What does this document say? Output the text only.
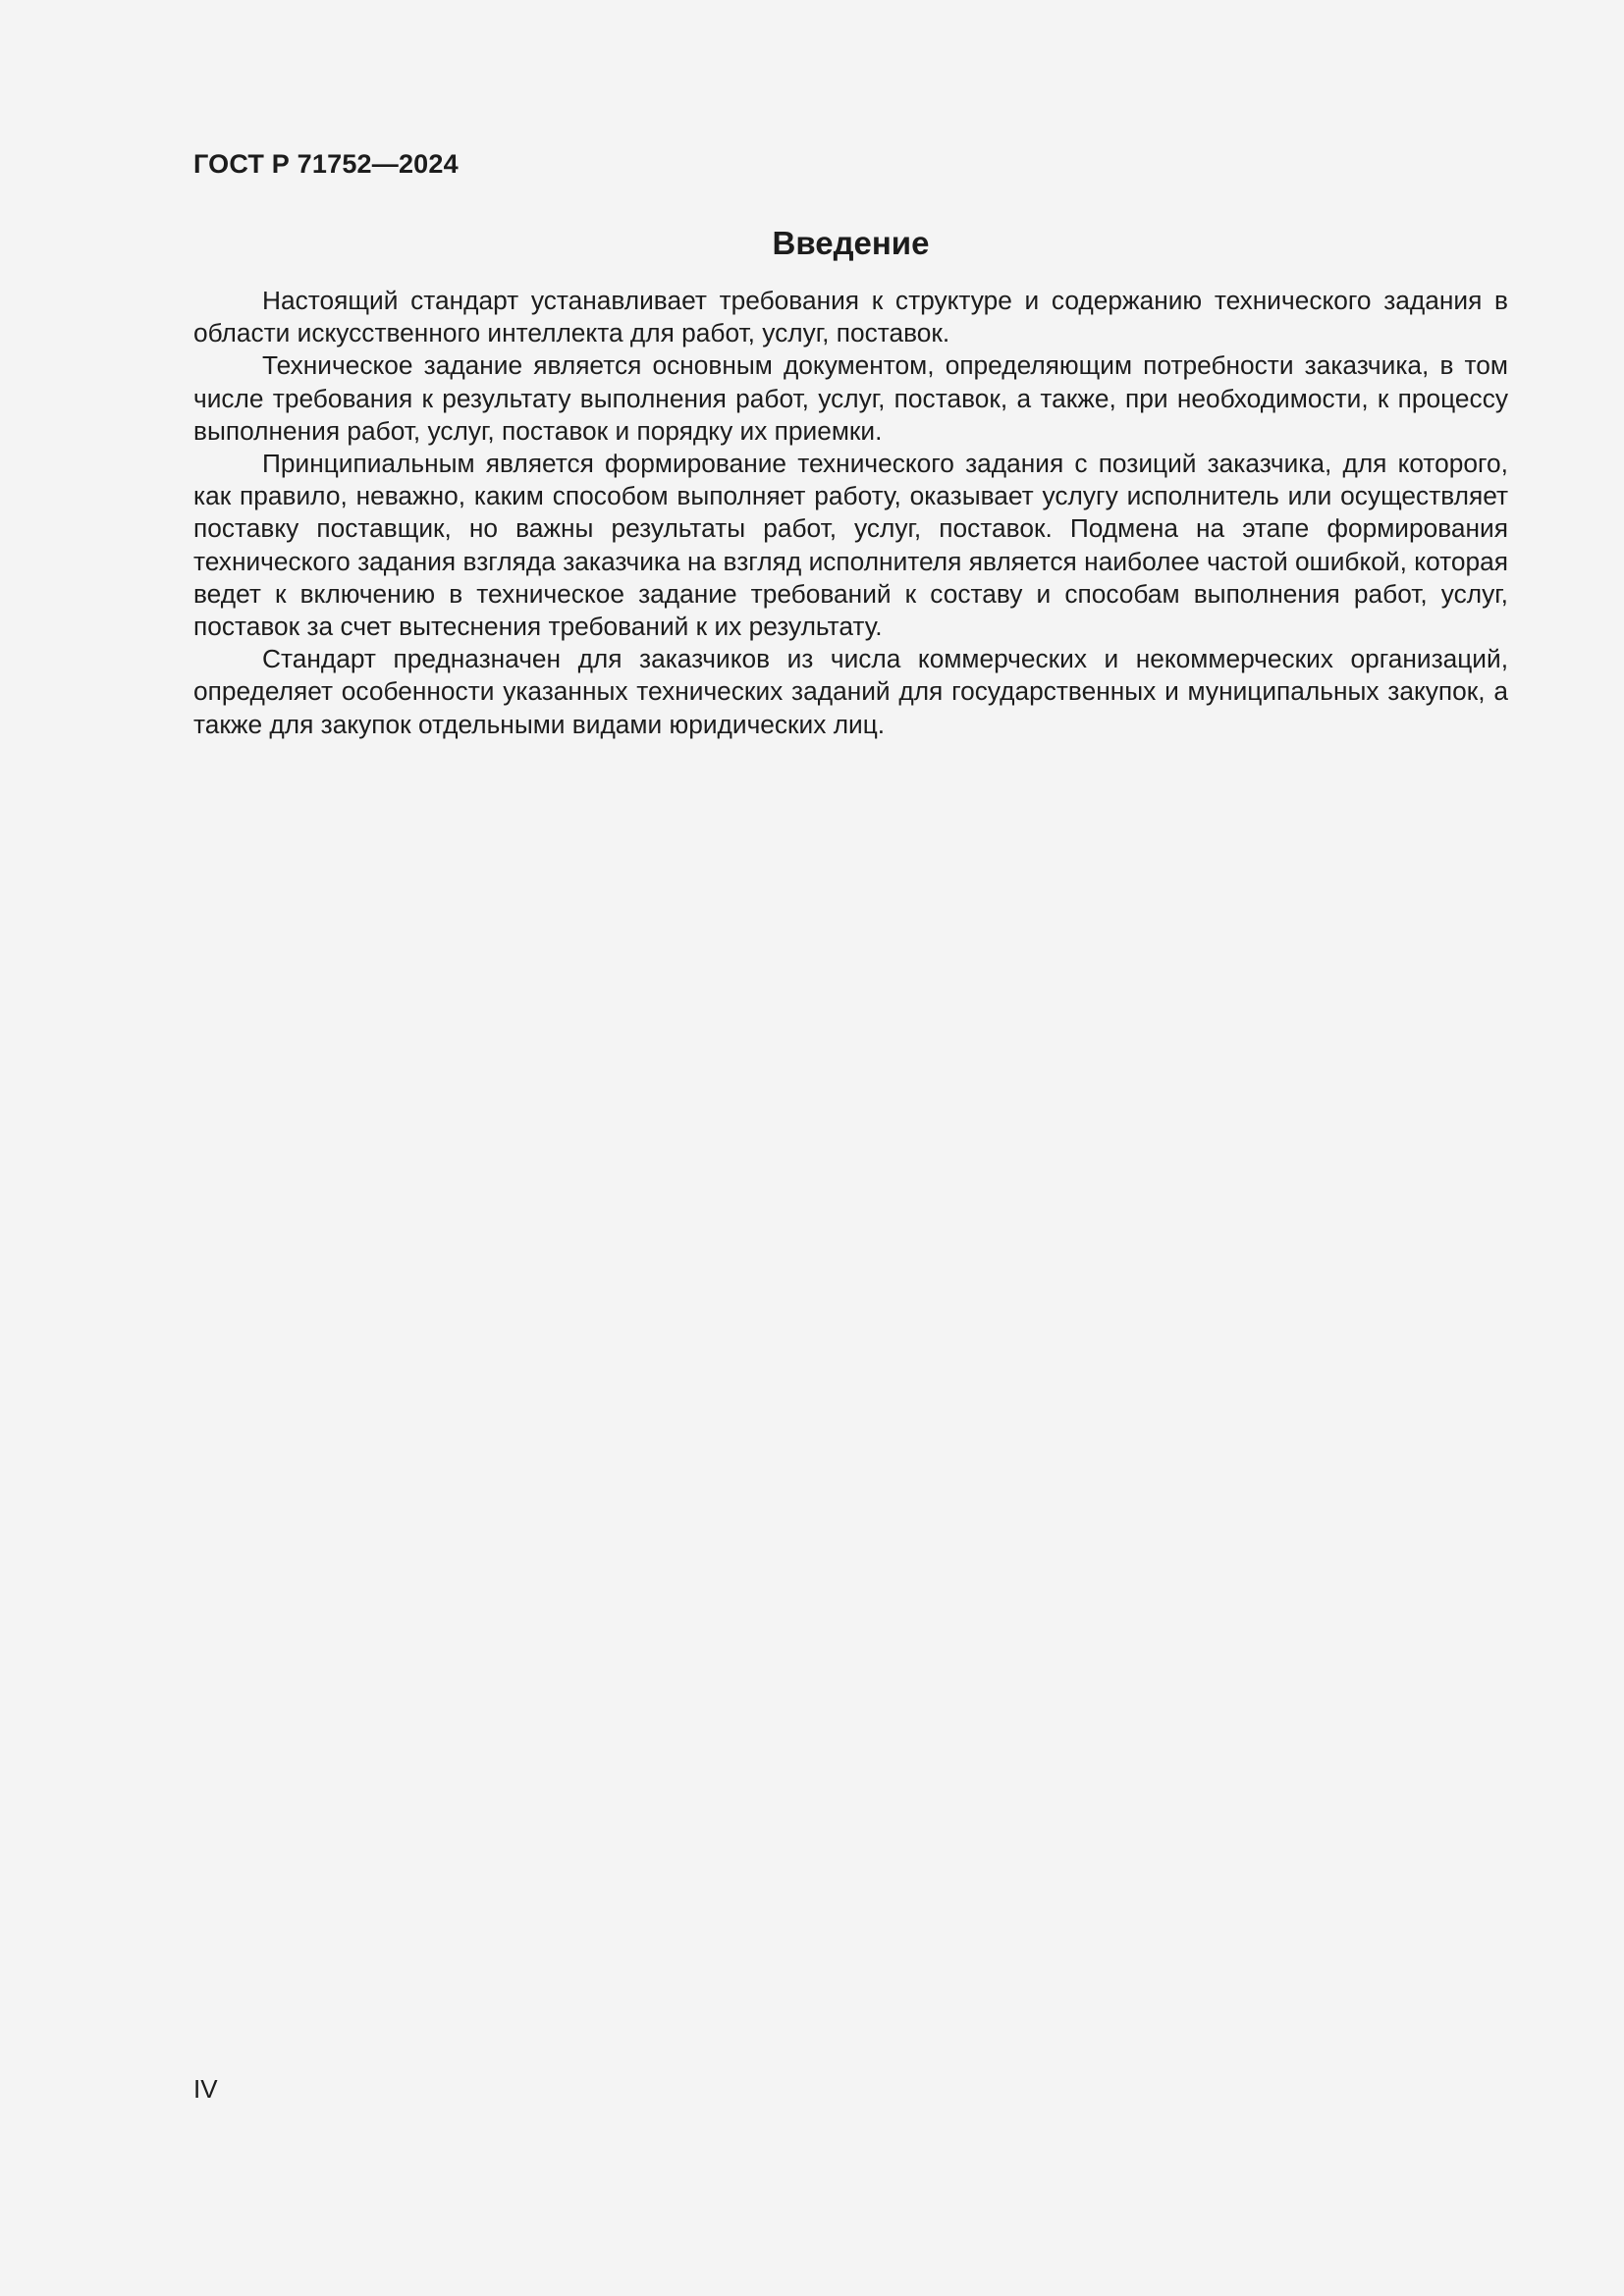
ГОСТ Р 71752—2024
Введение

Настоящий стандарт устанавливает требования к структуре и содержанию технического задания в области искусственного интеллекта для работ, услуг, поставок.

Техническое задание является основным документом, определяющим потребности заказчика, в том числе требования к результату выполнения работ, услуг, поставок, а также, при необходимости, к процессу выполнения работ, услуг, поставок и порядку их приемки.

Принципиальным является формирование технического задания с позиций заказчика, для которого, как правило, неважно, каким способом выполняет работу, оказывает услугу исполнитель или осуществляет поставку поставщик, но важны результаты работ, услуг, поставок. Подмена на этапе формирования технического задания взгляда заказчика на взгляд исполнителя является наиболее частой ошибкой, которая ведет к включению в техническое задание требований к составу и способам выполнения работ, услуг, поставок за счет вытеснения требований к их результату.

Стандарт предназначен для заказчиков из числа коммерческих и некоммерческих организаций, определяет особенности указанных технических заданий для государственных и муниципальных закупок, а также для закупок отдельными видами юридических лиц.

IV
